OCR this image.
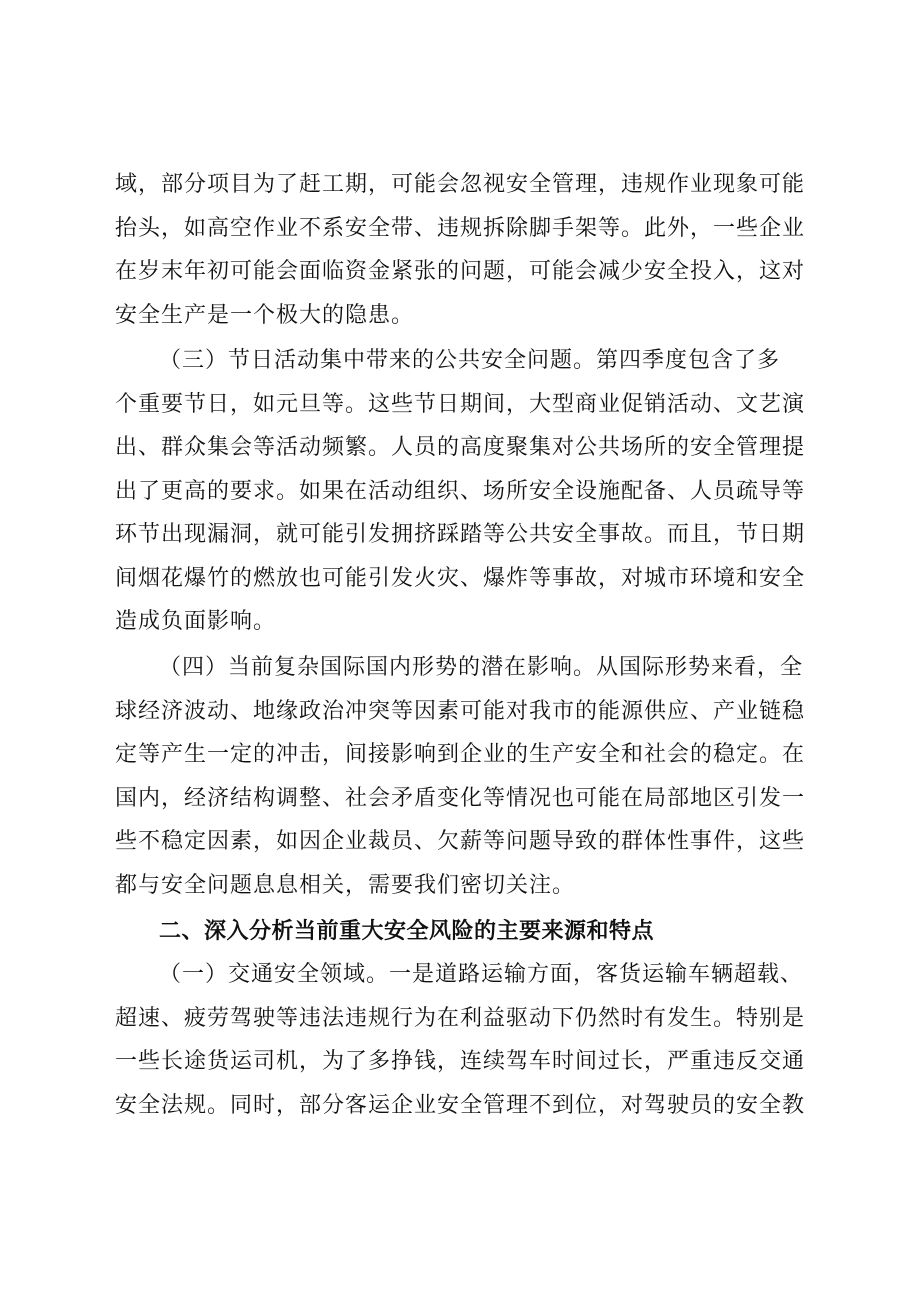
域，部分项目为了赶工期，可能会忽视安全管理，违规作业现象可能
抬头，如高空作业不系安全带、违规拆除脚手架等。此外，一些企业
在岁末年初可能会面临资金紧张的问题，可能会减少安全投入，这对
安全生产是一个极大的隐患。
（三）节日活动集中带来的公共安全问题。第四季度包含了多
个重要节日，如元旦等。这些节日期间，大型商业促销活动、文艺演
出、群众集会等活动频繁。人员的高度聚集对公共场所的安全管理提
出了更高的要求。如果在活动组织、场所安全设施配备、人员疏导等
环节出现漏洞，就可能引发拥挤踩踏等公共安全事故。而且，节日期
间烟花爆竹的燃放也可能引发火灾、爆炸等事故，对城市环境和安全
造成负面影响。
（四）当前复杂国际国内形势的潜在影响。从国际形势来看，全
球经济波动、地缘政治冲突等因素可能对我市的能源供应、产业链稳
定等产生一定的冲击，间接影响到企业的生产安全和社会的稳定。在
国内，经济结构调整、社会矛盾变化等情况也可能在局部地区引发一
些不稳定因素，如因企业裁员、欠薪等问题导致的群体性事件，这些
都与安全问题息息相关，需要我们密切关注。
二、深入分析当前重大安全风险的主要来源和特点
（一）交通安全领域。一是道路运输方面，客货运输车辆超载、
超速、疲劳驾驶等违法违规行为在利益驱动下仍然时有发生。特别是
一些长途货运司机，为了多挣钱，连续驾车时间过长，严重违反交通
安全法规。同时，部分客运企业安全管理不到位，对驾驶员的安全教
